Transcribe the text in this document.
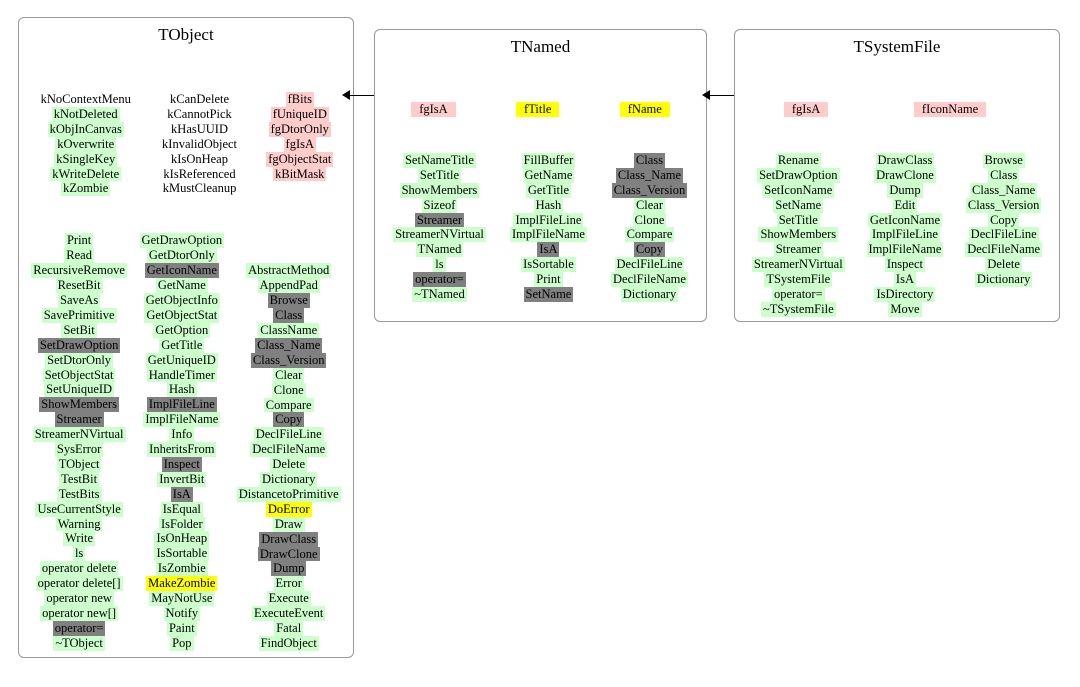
TObject
kNoContextMenu
kNotDeleted
kObjInCanvas
kOverwrite
kSingleKey
kWriteDelete
kZombie
kCanDelete
kCannotPick
kHasUUID
kInvalidObject
kIsOnHeap
kIsReferenced
kMustCleanup
fBits
fUniqueID
fgDtorOnly
fgIsA
fgObjectStat
kBitMask
Print
Read
RecursiveRemove
ResetBit
SaveAs
SavePrimitive
SetBit
SetDrawOption
SetDtorOnly
SetObjectStat
SetUniqueID
ShowMembers
Streamer
StreamerNVirtual
SysError
TObject
TestBit
TestBits
UseCurrentStyle
Warning
Write
ls
operator delete
operator delete[]
operator new
operator new[]
operator=
~TObject
GetDrawOption
GetDtorOnly
GetIconName
GetName
GetObjectInfo
GetObjectStat
GetOption
GetTitle
GetUniqueID
HandleTimer
Hash
ImplFileLine
ImplFileName
Info
InheritsFrom
Inspect
InvertBit
IsA
IsEqual
IsFolder
IsOnHeap
IsSortable
IsZombie
MakeZombie
MayNotUse
Notify
Paint
Pop
AbstractMethod
AppendPad
Browse
Class
ClassName
Class_Name
Class_Version
Clear
Clone
Compare
Copy
DeclFileLine
DeclFileName
Delete
Dictionary
DistancetoPrimitive
DoError
Draw
DrawClass
DrawClone
Dump
Error
Execute
ExecuteEvent
Fatal
FindObject
TNamed
fgIsA	fTitle	fName
SetNameTitle
SetTitle
ShowMembers
Sizeof
Streamer
StreamerNVirtual
TNamed
ls
operator=
~TNamed
FillBuffer
GetName
GetTitle
Hash
ImplFileLine
ImplFileName
IsA
IsSortable
Print
SetName
Class
Class_Name
Class_Version
Clear
Clone
Compare
Copy
DeclFileLine
DeclFileName
Dictionary
TSystemFile
fgIsA	fIconName
Rename
SetDrawOption
SetIconName
SetName
SetTitle
ShowMembers
Streamer
StreamerNVirtual
TSystemFile
operator=
~TSystemFile
DrawClass
DrawClone
Dump
Edit
GetIconName
ImplFileLine
ImplFileName
Inspect
IsA
IsDirectory
Move
Browse
Class
Class_Name
Class_Version
Copy
DeclFileLine
DeclFileName
Delete
Dictionary
